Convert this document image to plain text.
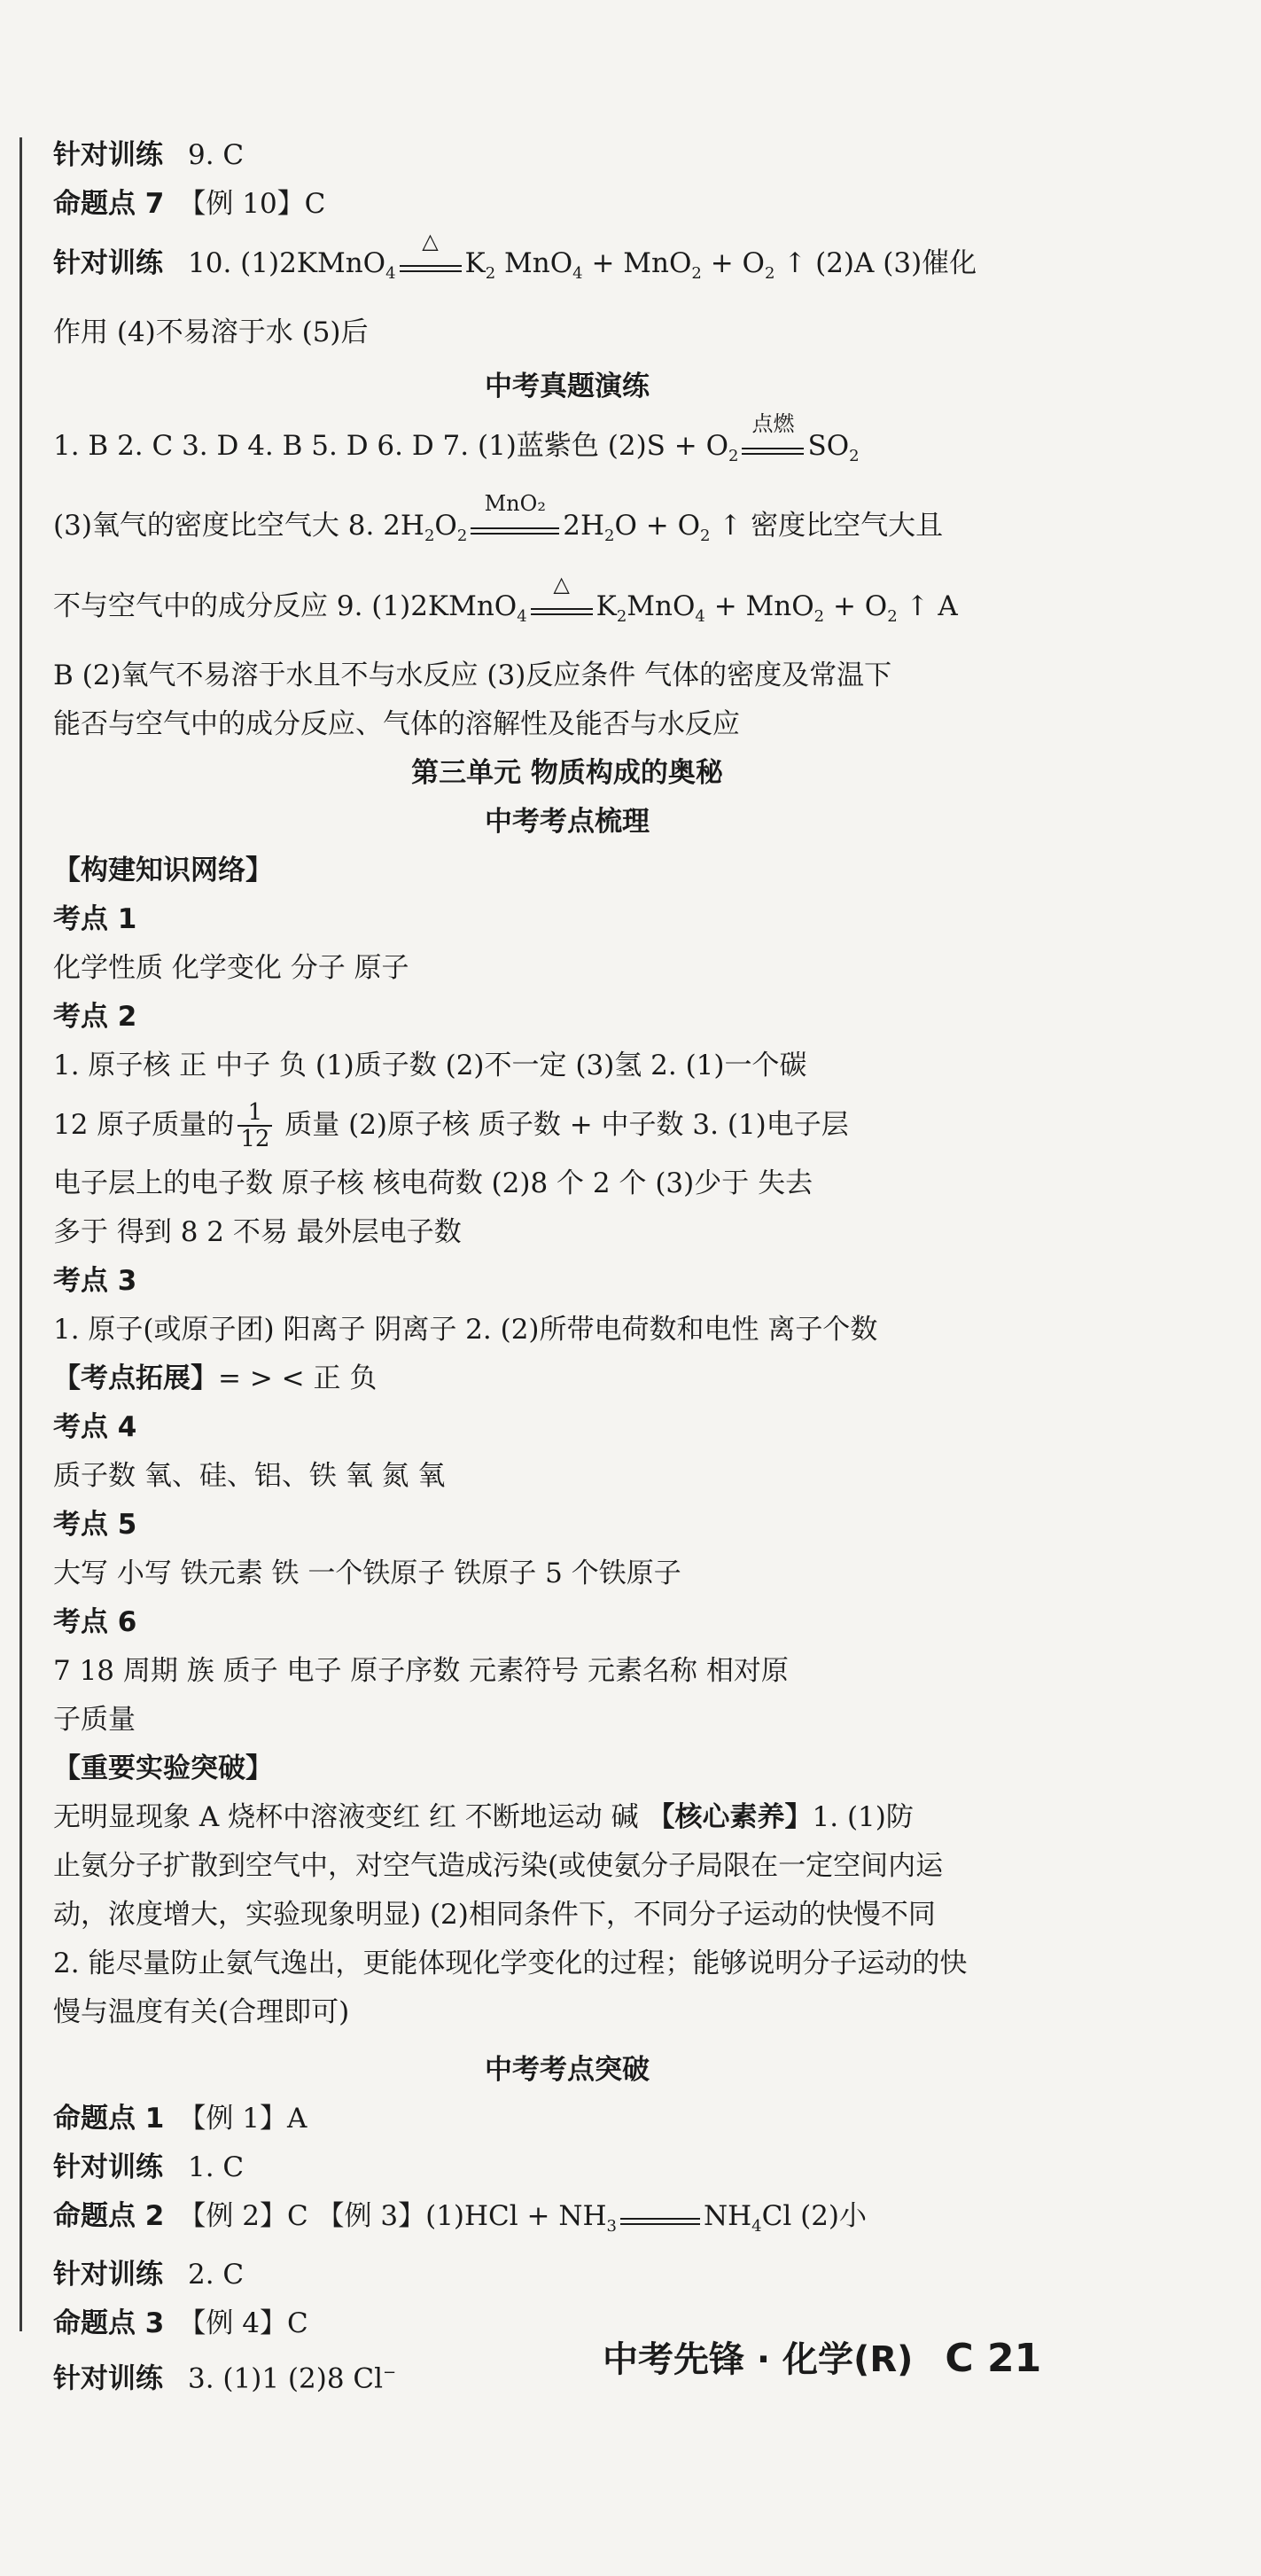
针对训练 9. C
命题点 7 【例 10】C
针对训练 10. (1)2KMnO$_4$
△
$K_2$ $MnO_4 + MnO_2 + O_2$ ↑ (2)A (3)催化
作用 (4)不易溶于水 (5)后
中考真题演练
1. B 2. C 3. D 4. B 5. D 6. D 7. (1)蓝紫色 $(2)S + O_2$
点燃
$SO_2$
(3)氧气的密度比空气大 8. $2H_2O_2$
MnO₂
$2H_2O + O_2$ ↑ 密度比空气大且
不与空气中的成分反应 9. (1)2KMnO$_4$
△
$K_2MnO_4 + MnO_2 + O_2$ ↑ A
B (2)氧气不易溶于水且不与水反应 (3)反应条件 气体的密度及常温下
能否与空气中的成分反应、气体的溶解性及能否与水反应
第三单元 物质构成的奥秘
中考考点梳理
【构建知识网络】
考点 1
化学性质 化学变化 分子 原子
考点 2
1. 原子核 正 中子 负 (1)质子数 (2)不一定 (3)氢 2. (1)一个碳
12 原子质量的 $\frac{1}{12}$ 质量 (2)原子核 质子数 + 中子数 3. (1)电子层
电子层上的电子数 原子核 核电荷数 (2)8 个 2 个 (3)少于 失去
多于 得到 8 2 不易 最外层电子数
考点 3
1. 原子(或原子团) 阳离子 阴离子 2. (2)所带电荷数和电性 离子个数
【考点拓展】= > < 正 负
考点 4
质子数 氧、硅、铝、铁 氧 氮 氧
考点 5
大写 小写 铁元素 铁 一个铁原子 铁原子 5 个铁原子
考点 6
7 18 周期 族 质子 电子 原子序数 元素符号 元素名称 相对原
子质量
【重要实验突破】
无明显现象 A 烧杯中溶液变红 红 不断地运动 碱 【核心素养】1. (1)防
止氨分子扩散到空气中，对空气造成污染(或使氨分子局限在一定空间内运
动，浓度增大，实验现象明显) (2)相同条件下，不同分子运动的快慢不同
2. 能尽量防止氨气逸出，更能体现化学变化的过程；能够说明分子运动的快
慢与温度有关(合理即可)
中考考点突破
命题点 1 【例 1】A
针对训练 1. C
命题点 2 【例 2】C 【例 3】$(1)HCl + NH_3$	$NH_4Cl$ (2)小
针对训练 2. C
命题点 3 【例 4】C
针对训练 3. (1)1 (2)8 Cl−	中考先锋 · 化学(R) C 21
